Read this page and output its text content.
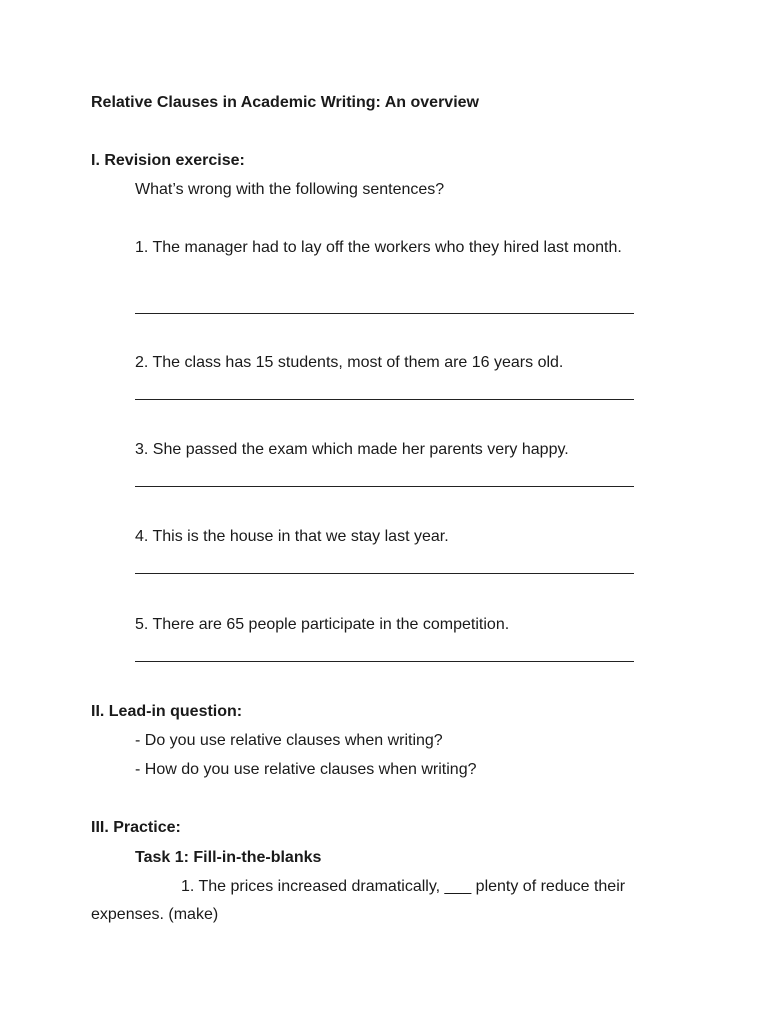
Relative Clauses in Academic Writing: An overview
I. Revision exercise:
What’s wrong with the following sentences?
1. The manager had to lay off the workers who they hired last month.
2. The class has 15 students, most of them are 16 years old.
3. She passed the exam which made her parents very happy.
4. This is the house in that we stay last year.
5. There are 65 people participate in the competition.
II. Lead-in question:
- Do you use relative clauses when writing?
- How do you use relative clauses when writing?
III. Practice:
Task 1: Fill-in-the-blanks
1. The prices increased dramatically, ___ plenty of reduce their
expenses. (make)
